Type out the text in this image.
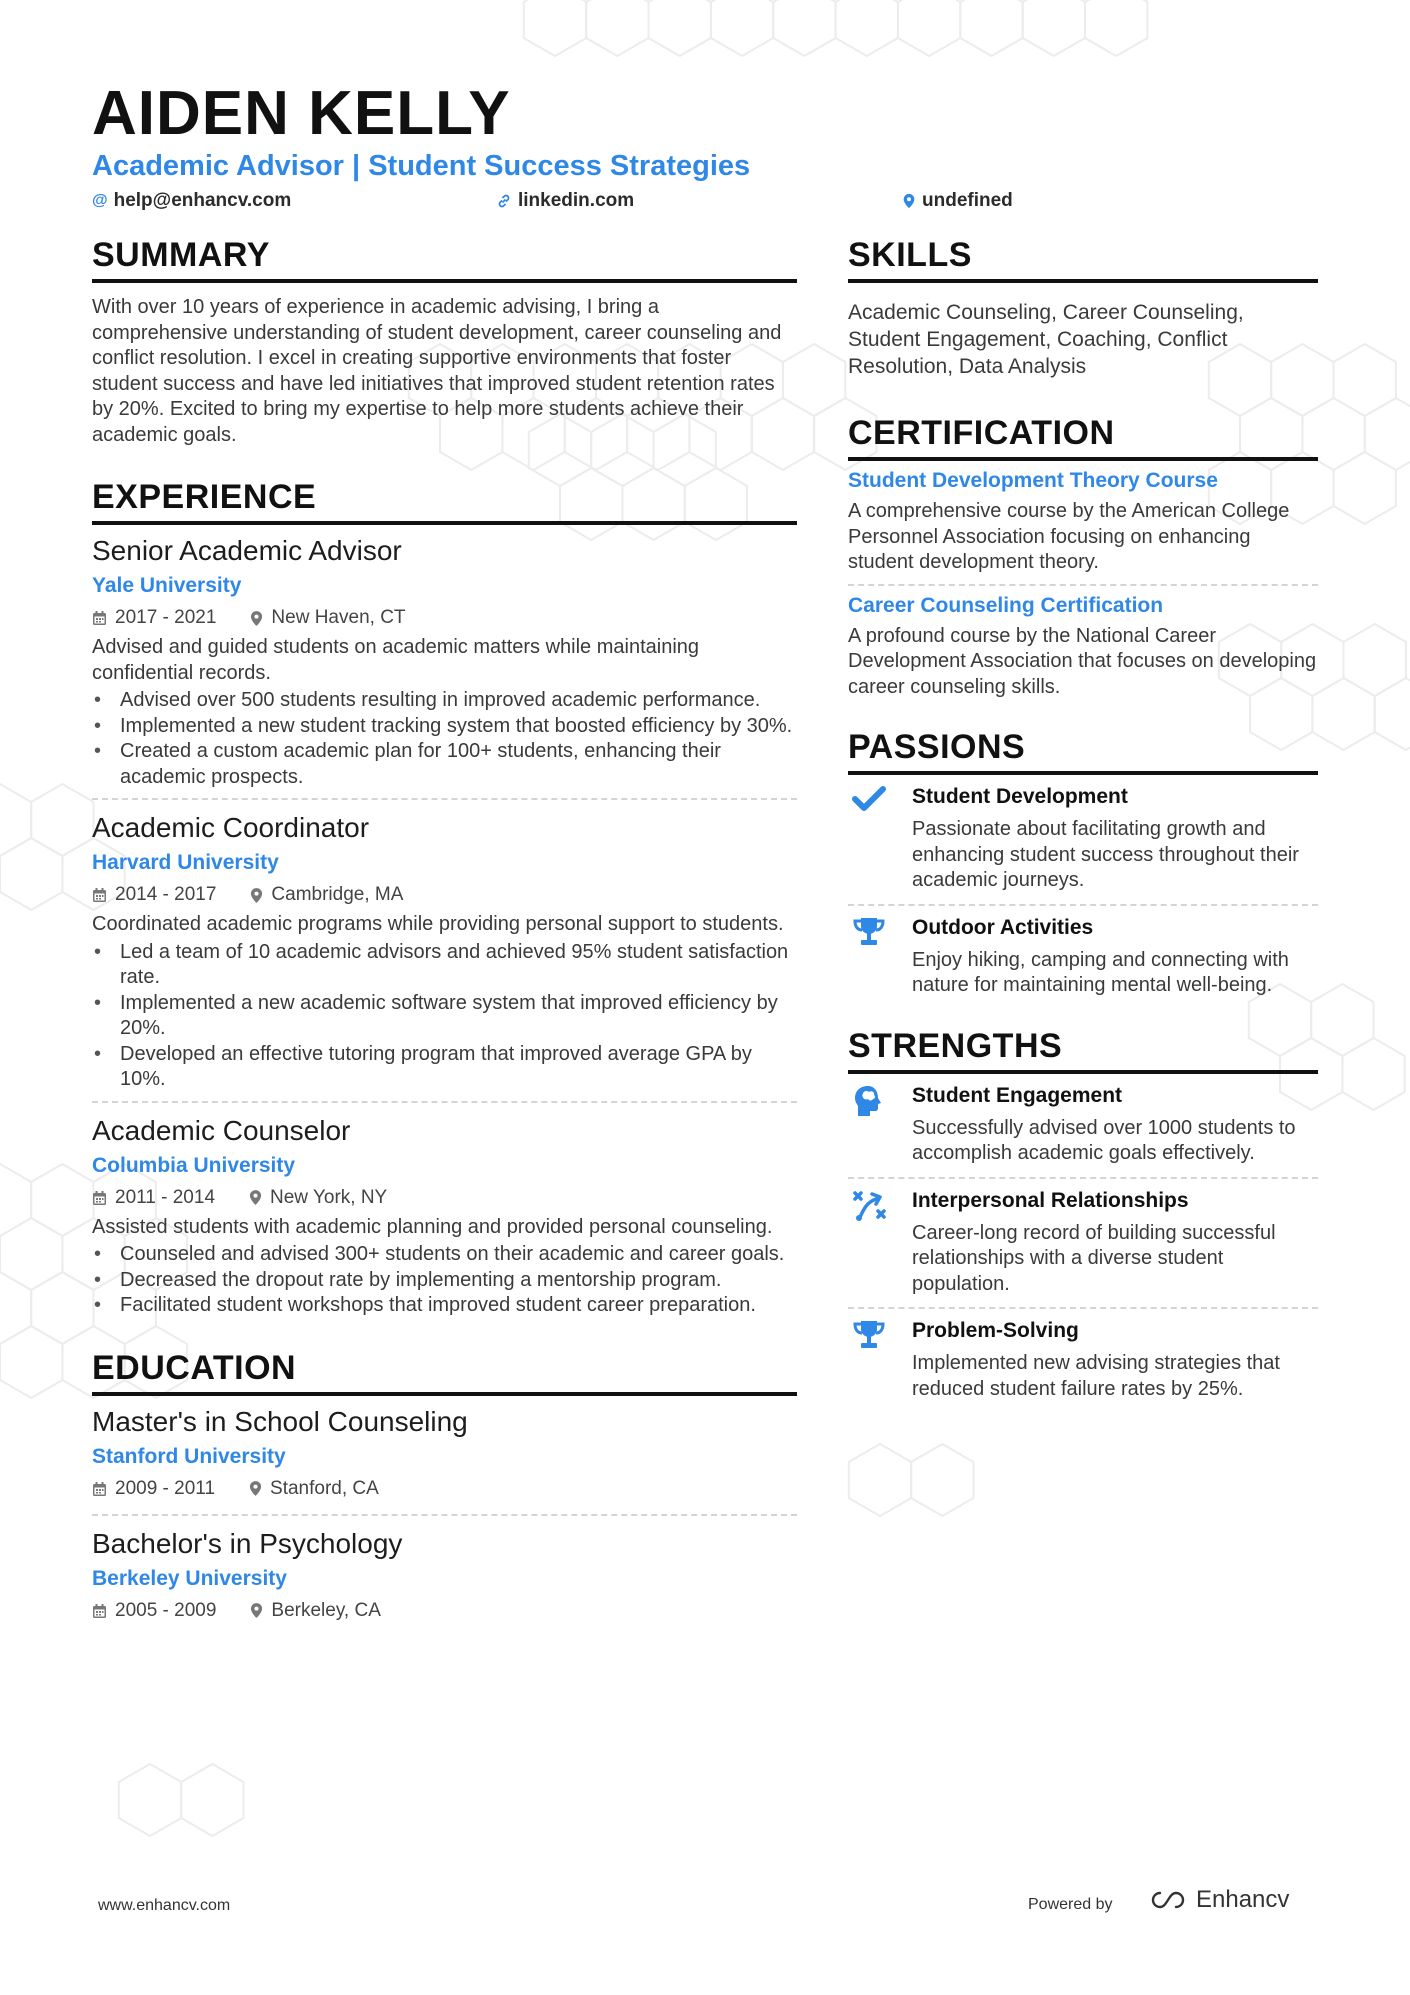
AIDEN KELLY
Academic Advisor | Student Success Strategies
@ help@enhancv.com	linkedin.com	undefined
SUMMARY

With over 10 years of experience in academic advising, I bring a comprehensive understanding of student development, career counseling and conflict resolution. I excel in creating supportive environments that foster student success and have led initiatives that improved student retention rates by 20%. Excited to bring my expertise to help more students achieve their academic goals.

EXPERIENCE
Senior Academic Advisor
Yale University
2017 - 2021	New Haven, CT

Advised and guided students on academic matters while maintaining confidential records.

• Advised over 500 students resulting in improved academic performance.
• Implemented a new student tracking system that boosted efficiency by 30%.
• Created a custom academic plan for 100+ students, enhancing their academic prospects.
Academic Coordinator
Harvard University
2014 - 2017	Cambridge, MA

Coordinated academic programs while providing personal support to students.

• Led a team of 10 academic advisors and achieved 95% student satisfaction rate.
• Implemented a new academic software system that improved efficiency by 20%.
• Developed an effective tutoring program that improved average GPA by 10%.
Academic Counselor
Columbia University
2011 - 2014	New York, NY

Assisted students with academic planning and provided personal counseling.

• Counseled and advised 300+ students on their academic and career goals.
• Decreased the dropout rate by implementing a mentorship program.
• Facilitated student workshops that improved student career preparation.
EDUCATION
Master's in School Counseling
Stanford University
2009 - 2011	Stanford, CA
Bachelor's in Psychology
Berkeley University
2005 - 2009	Berkeley, CA
SKILLS

Academic Counseling, Career Counseling, Student Engagement, Coaching, Conflict Resolution, Data Analysis

CERTIFICATION
Student Development Theory Course

A comprehensive course by the American College Personnel Association focusing on enhancing student development theory.

Career Counseling Certification

A profound course by the National Career Development Association that focuses on developing career counseling skills.

PASSIONS
Student Development

Passionate about facilitating growth and enhancing student success throughout their academic journeys.

Outdoor Activities

Enjoy hiking, camping and connecting with nature for maintaining mental well-being.

STRENGTHS
Student Engagement

Successfully advised over 1000 students to accomplish academic goals effectively.

Interpersonal Relationships

Career-long record of building successful relationships with a diverse student population.

Problem-Solving

Implemented new advising strategies that reduced student failure rates by 25%.

www.enhancv.com	Powered by	Enhancv
